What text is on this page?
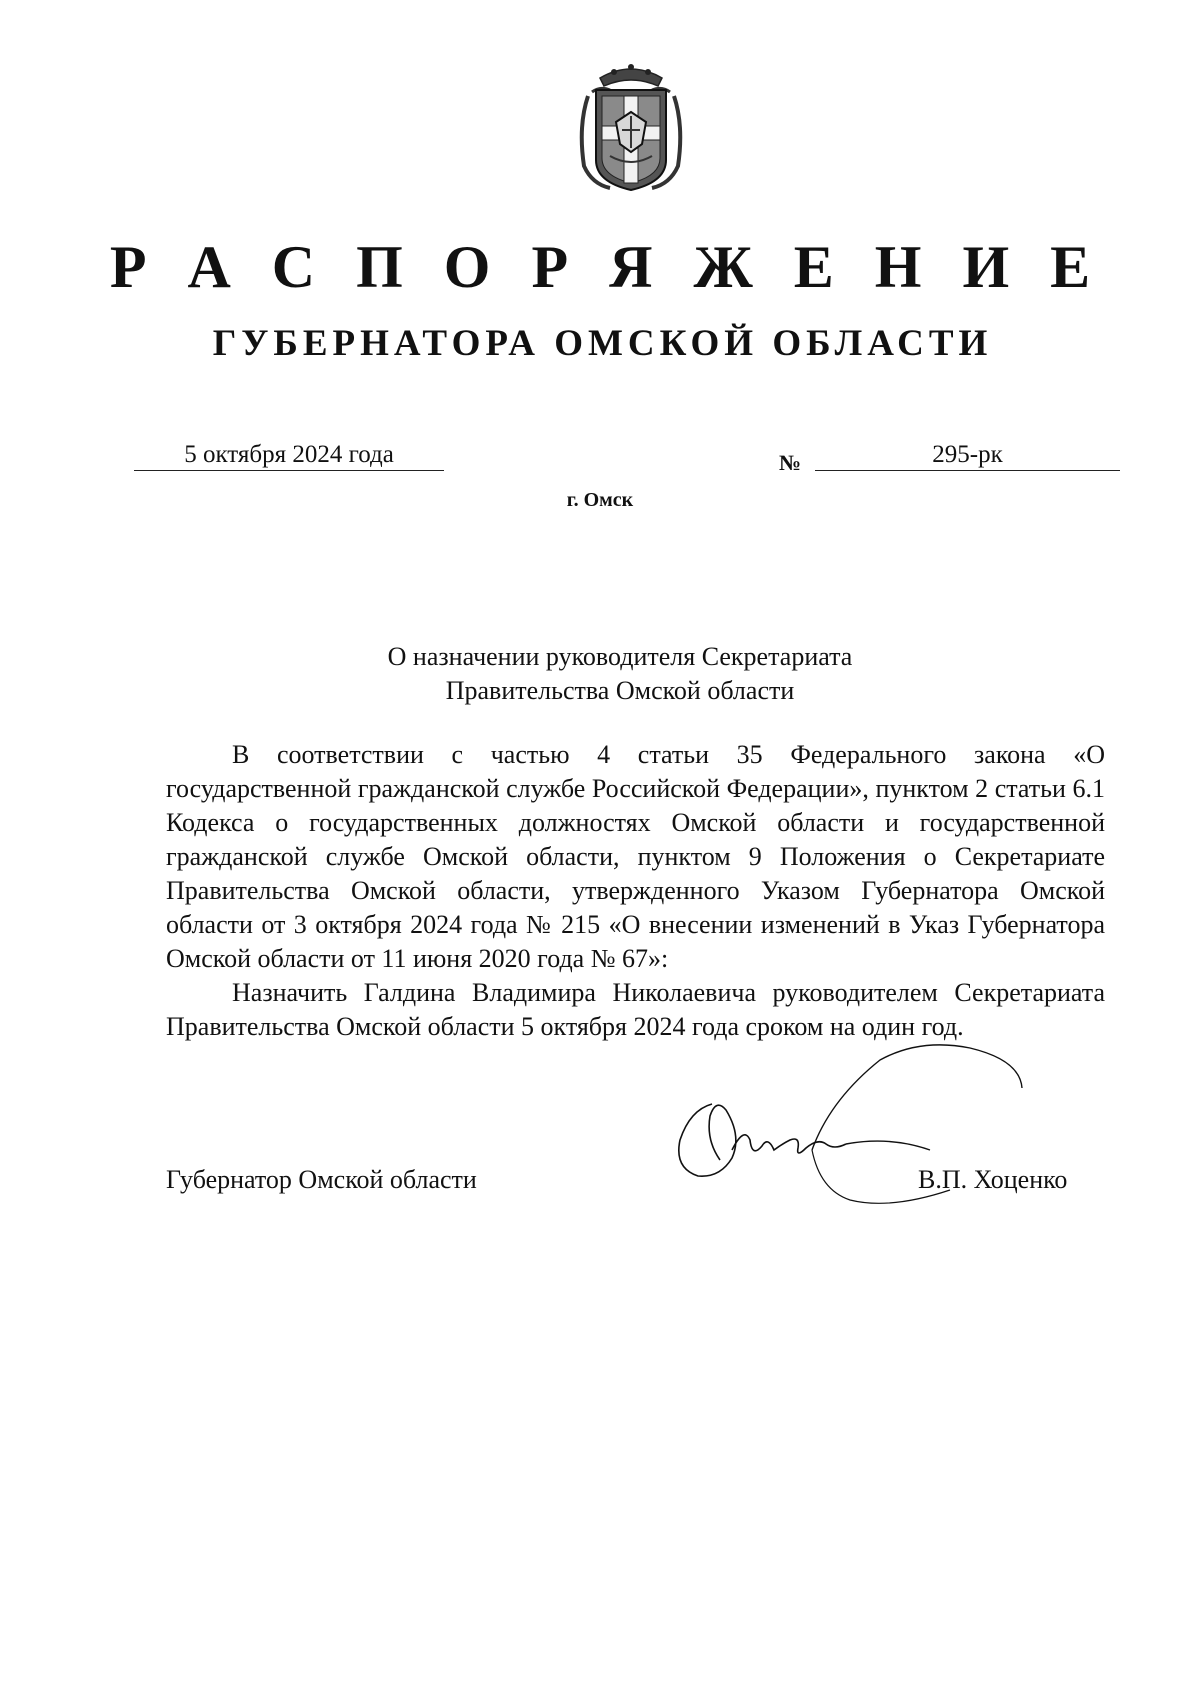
Р А С П О Р Я Ж Е Н И Е
ГУБЕРНАТОРА ОМСКОЙ ОБЛАСТИ
5 октября 2024 года	№	295-рк
г. Омск
О назначении руководителя Секретариата
Правительства Омской области

В соответствии с частью 4 статьи 35 Федерального закона «О государственной гражданской службе Российской Федерации», пунктом 2 статьи 6.1 Кодекса о государственных должностях Омской области и государственной гражданской службе Омской области, пунктом 9 Положения о Секретариате Правительства Омской области, утвержденного Указом Губернатора Омской области от 3 октября 2024 года № 215 «О внесении изменений в Указ Губернатора Омской области от 11 июня 2020 года № 67»:

Назначить Галдина Владимира Николаевича руководителем Секретариата Правительства Омской области 5 октября 2024 года сроком на один год.

Губернатор Омской области	В.П. Хоценко
